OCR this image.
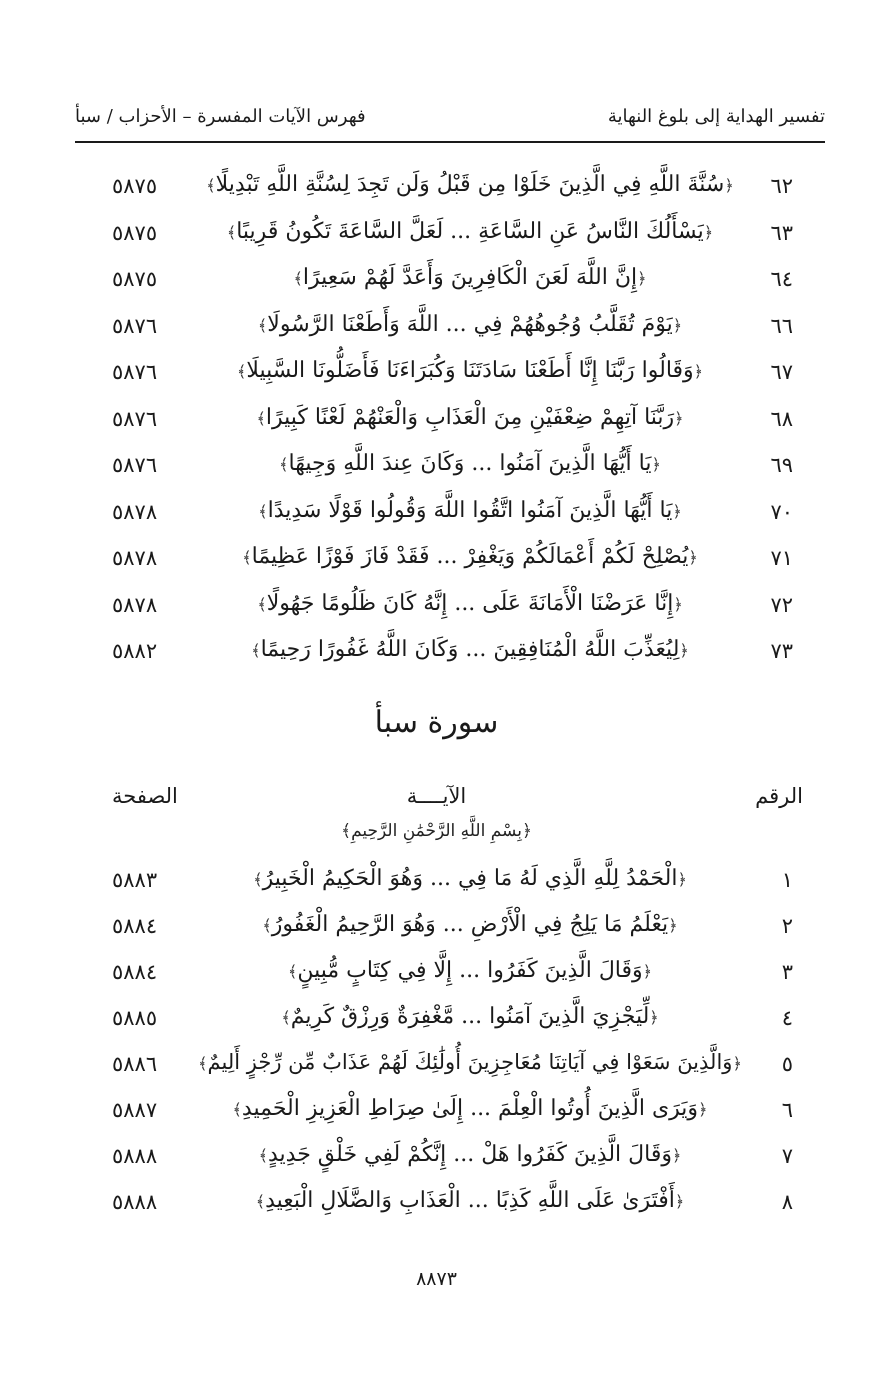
فهرس الآيات المفسرة – الأحزاب / سبأ	تفسير الهداية إلى بلوغ النهاية
٥٨٧٥	﴿سُنَّةَ اللَّهِ فِي الَّذِينَ خَلَوْا مِن قَبْلُ وَلَن تَجِدَ لِسُنَّةِ اللَّهِ تَبْدِيلًا﴾	٦٢
٥٨٧٥	﴿يَسْأَلُكَ النَّاسُ عَنِ السَّاعَةِ ... لَعَلَّ السَّاعَةَ تَكُونُ قَرِيبًا﴾	٦٣
٥٨٧٥	﴿إِنَّ اللَّهَ لَعَنَ الْكَافِرِينَ وَأَعَدَّ لَهُمْ سَعِيرًا﴾	٦٤
٥٨٧٦	﴿يَوْمَ تُقَلَّبُ وُجُوهُهُمْ فِي ... اللَّهَ وَأَطَعْنَا الرَّسُولَا﴾	٦٦
٥٨٧٦	﴿وَقَالُوا رَبَّنَا إِنَّا أَطَعْنَا سَادَتَنَا وَكُبَرَاءَنَا فَأَضَلُّونَا السَّبِيلَا﴾	٦٧
٥٨٧٦	﴿رَبَّنَا آتِهِمْ ضِعْفَيْنِ مِنَ الْعَذَابِ وَالْعَنْهُمْ لَعْنًا كَبِيرًا﴾	٦٨
٥٨٧٦	﴿يَا أَيُّهَا الَّذِينَ آمَنُوا ... وَكَانَ عِندَ اللَّهِ وَجِيهًا﴾	٦٩
٥٨٧٨	﴿يَا أَيُّهَا الَّذِينَ آمَنُوا اتَّقُوا اللَّهَ وَقُولُوا قَوْلًا سَدِيدًا﴾	٧٠
٥٨٧٨	﴿يُصْلِحْ لَكُمْ أَعْمَالَكُمْ وَيَغْفِرْ ... فَقَدْ فَازَ فَوْزًا عَظِيمًا﴾	٧١
٥٨٧٨	﴿إِنَّا عَرَضْنَا الْأَمَانَةَ عَلَى ... إِنَّهُ كَانَ ظَلُومًا جَهُولًا﴾	٧٢
٥٨٨٢	﴿لِيُعَذِّبَ اللَّهُ الْمُنَافِقِينَ ... وَكَانَ اللَّهُ غَفُورًا رَحِيمًا﴾	٧٣
سورة سبأ
الصفحة	الآيــــة	الرقم
﴿بِسْمِ اللَّهِ الرَّحْمَٰنِ الرَّحِيمِ﴾
٥٨٨٣	﴿الْحَمْدُ لِلَّهِ الَّذِي لَهُ مَا فِي ... وَهُوَ الْحَكِيمُ الْخَبِيرُ﴾	١
٥٨٨٤	﴿يَعْلَمُ مَا يَلِجُ فِي الْأَرْضِ ... وَهُوَ الرَّحِيمُ الْغَفُورُ﴾	٢
٥٨٨٤	﴿وَقَالَ الَّذِينَ كَفَرُوا ... إِلَّا فِي كِتَابٍ مُّبِينٍ﴾	٣
٥٨٨٥	﴿لِّيَجْزِيَ الَّذِينَ آمَنُوا ... مَّغْفِرَةٌ وَرِزْقٌ كَرِيمٌ﴾	٤
٥٨٨٦	﴿وَالَّذِينَ سَعَوْا فِي آيَاتِنَا مُعَاجِزِينَ أُولَٰئِكَ لَهُمْ عَذَابٌ مِّن رِّجْزٍ أَلِيمٌ﴾	٥
٥٨٨٧	﴿وَيَرَى الَّذِينَ أُوتُوا الْعِلْمَ ... إِلَىٰ صِرَاطِ الْعَزِيزِ الْحَمِيدِ﴾	٦
٥٨٨٨	﴿وَقَالَ الَّذِينَ كَفَرُوا هَلْ ... إِنَّكُمْ لَفِي خَلْقٍ جَدِيدٍ﴾	٧
٥٨٨٨	﴿أَفْتَرَىٰ عَلَى اللَّهِ كَذِبًا ... الْعَذَابِ وَالضَّلَالِ الْبَعِيدِ﴾	٨
٨٨٧٣
